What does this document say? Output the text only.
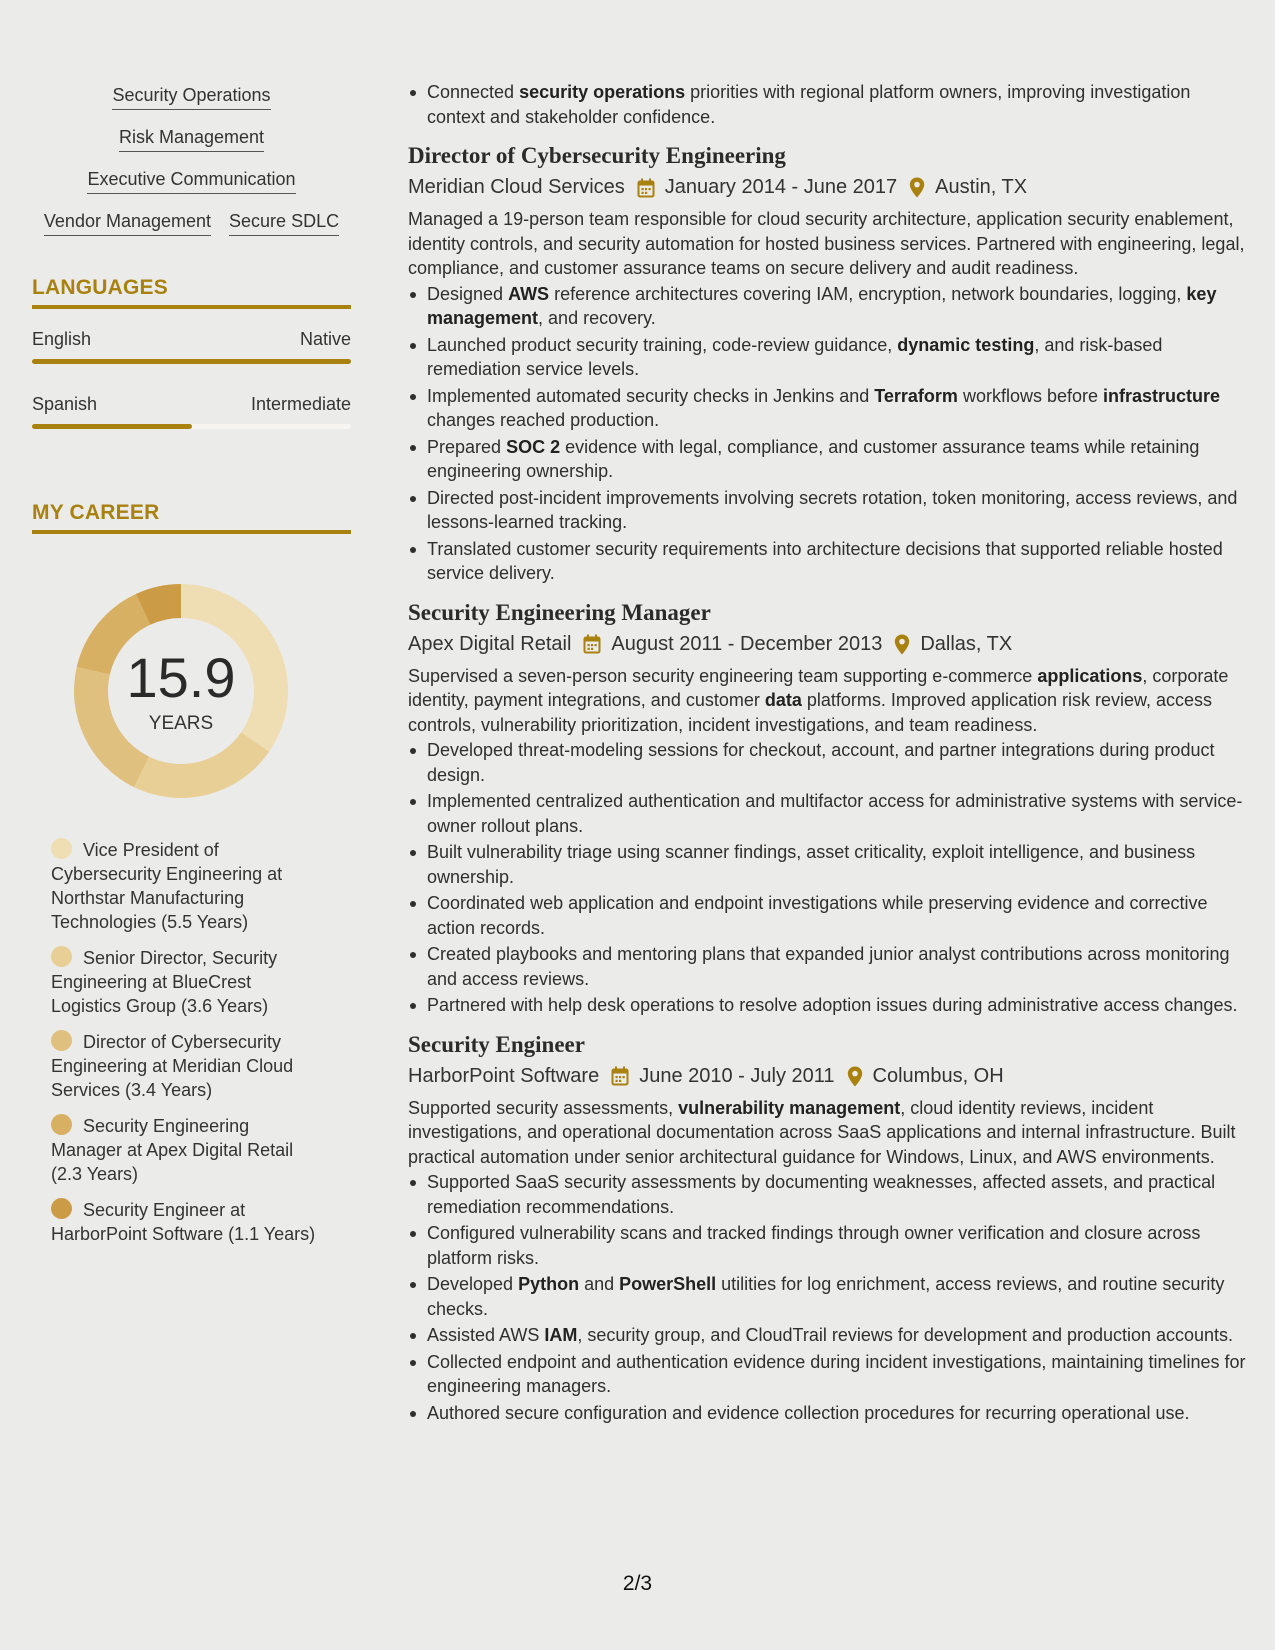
Security Operations
Risk Management
Executive Communication
Vendor Management Secure SDLC
LANGUAGES
English	Native
Spanish	Intermediate
MY CAREER
15.9
YEARS
Vice President of Cybersecurity Engineering at Northstar Manufacturing Technologies (5.5 Years)
Senior Director, Security Engineering at BlueCrest Logistics Group (3.6 Years)
Director of Cybersecurity Engineering at Meridian Cloud Services (3.4 Years)
Security Engineering Manager at Apex Digital Retail (2.3 Years)
Security Engineer at HarborPoint Software (1.1 Years)
Connected security operations priorities with regional platform owners, improving investigation context and stakeholder confidence.
Director of Cybersecurity Engineering
Meridian Cloud Services January 2014 - June 2017 Austin, TX
Managed a 19-person team responsible for cloud security architecture, application security enablement, identity controls, and security automation for hosted business services. Partnered with engineering, legal, compliance, and customer assurance teams on secure delivery and audit readiness.
Designed AWS reference architectures covering IAM, encryption, network boundaries, logging, key management, and recovery.
Launched product security training, code-review guidance, dynamic testing, and risk-based remediation service levels.
Implemented automated security checks in Jenkins and Terraform workflows before infrastructure changes reached production.
Prepared SOC 2 evidence with legal, compliance, and customer assurance teams while retaining engineering ownership.
Directed post-incident improvements involving secrets rotation, token monitoring, access reviews, and lessons-learned tracking.
Translated customer security requirements into architecture decisions that supported reliable hosted service delivery.
Security Engineering Manager
Apex Digital Retail August 2011 - December 2013 Dallas, TX
Supervised a seven-person security engineering team supporting e-commerce applications, corporate identity, payment integrations, and customer data platforms. Improved application risk review, access controls, vulnerability prioritization, incident investigations, and team readiness.
Developed threat-modeling sessions for checkout, account, and partner integrations during product design.
Implemented centralized authentication and multifactor access for administrative systems with service-owner rollout plans.
Built vulnerability triage using scanner findings, asset criticality, exploit intelligence, and business ownership.
Coordinated web application and endpoint investigations while preserving evidence and corrective action records.
Created playbooks and mentoring plans that expanded junior analyst contributions across monitoring and access reviews.
Partnered with help desk operations to resolve adoption issues during administrative access changes.
Security Engineer
HarborPoint Software June 2010 - July 2011 Columbus, OH
Supported security assessments, vulnerability management, cloud identity reviews, incident investigations, and operational documentation across SaaS applications and internal infrastructure. Built practical automation under senior architectural guidance for Windows, Linux, and AWS environments.
Supported SaaS security assessments by documenting weaknesses, affected assets, and practical remediation recommendations.
Configured vulnerability scans and tracked findings through owner verification and closure across platform risks.
Developed Python and PowerShell utilities for log enrichment, access reviews, and routine security checks.
Assisted AWS IAM, security group, and CloudTrail reviews for development and production accounts.
Collected endpoint and authentication evidence during incident investigations, maintaining timelines for engineering managers.
Authored secure configuration and evidence collection procedures for recurring operational use.
2/3
